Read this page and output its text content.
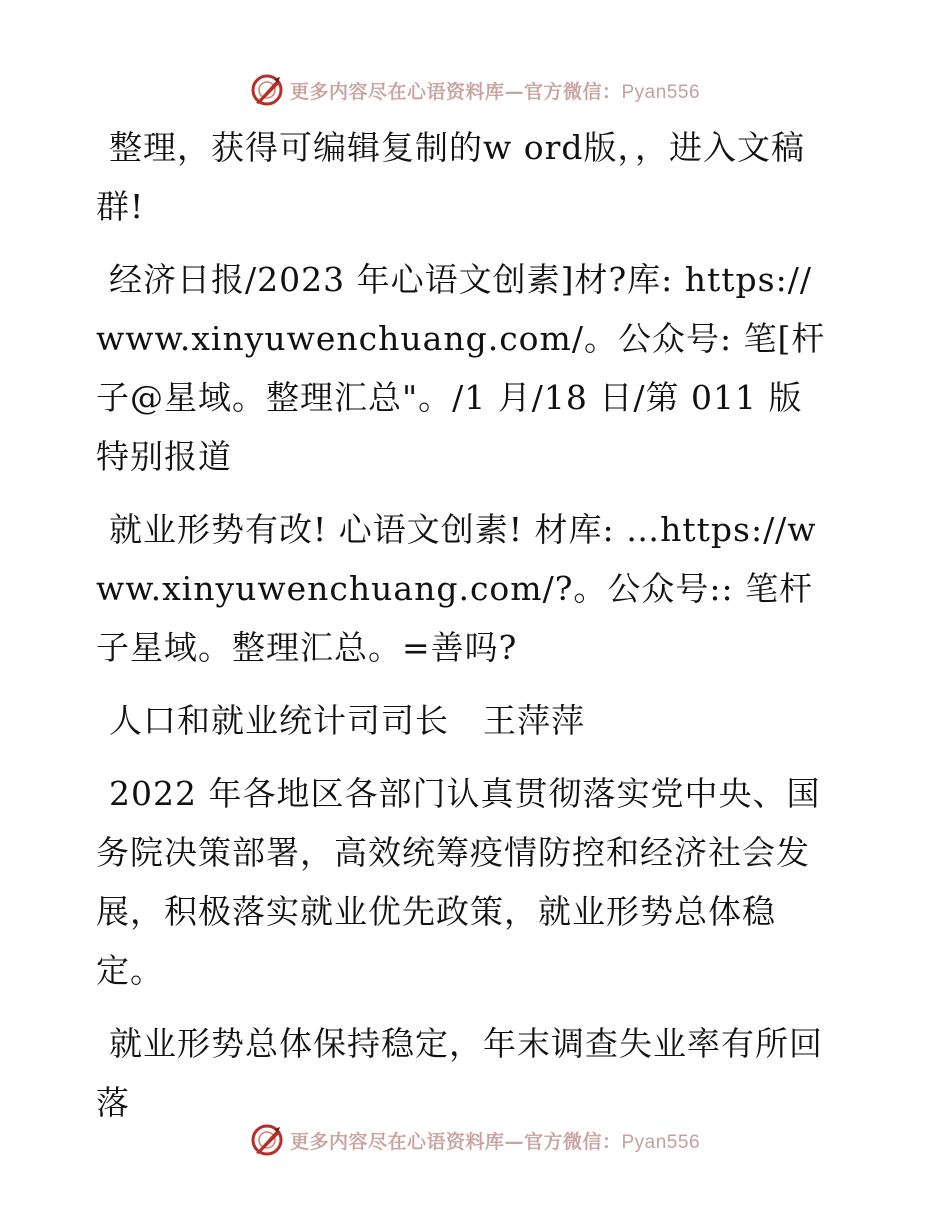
更多内容尽在心语资料库—官方微信：Pyan556

整理，获得可编辑复制的w ord版，，进入文稿群!

经济日报/2023 年心语文创素]材?库: https://www.xinyuwenchuang.com/。公众号: 笔[杆子@星域。整理汇总"。/1 月/18 日/第 011 版特别报道

就业形势有改! 心语文创素! 材库: …https://www.xinyuwenchuang.com/?。公众号:: 笔杆子星域。整理汇总。=善吗?

人口和就业统计司司长　王萍萍

2022 年各地区各部门认真贯彻落实党中央、国务院决策部署，高效统筹疫情防控和经济社会发展，积极落实就业优先政策，就业形势总体稳定。

就业形势总体保持稳定，年末调查失业率有所回落

更多内容尽在心语资料库—官方微信：Pyan556
